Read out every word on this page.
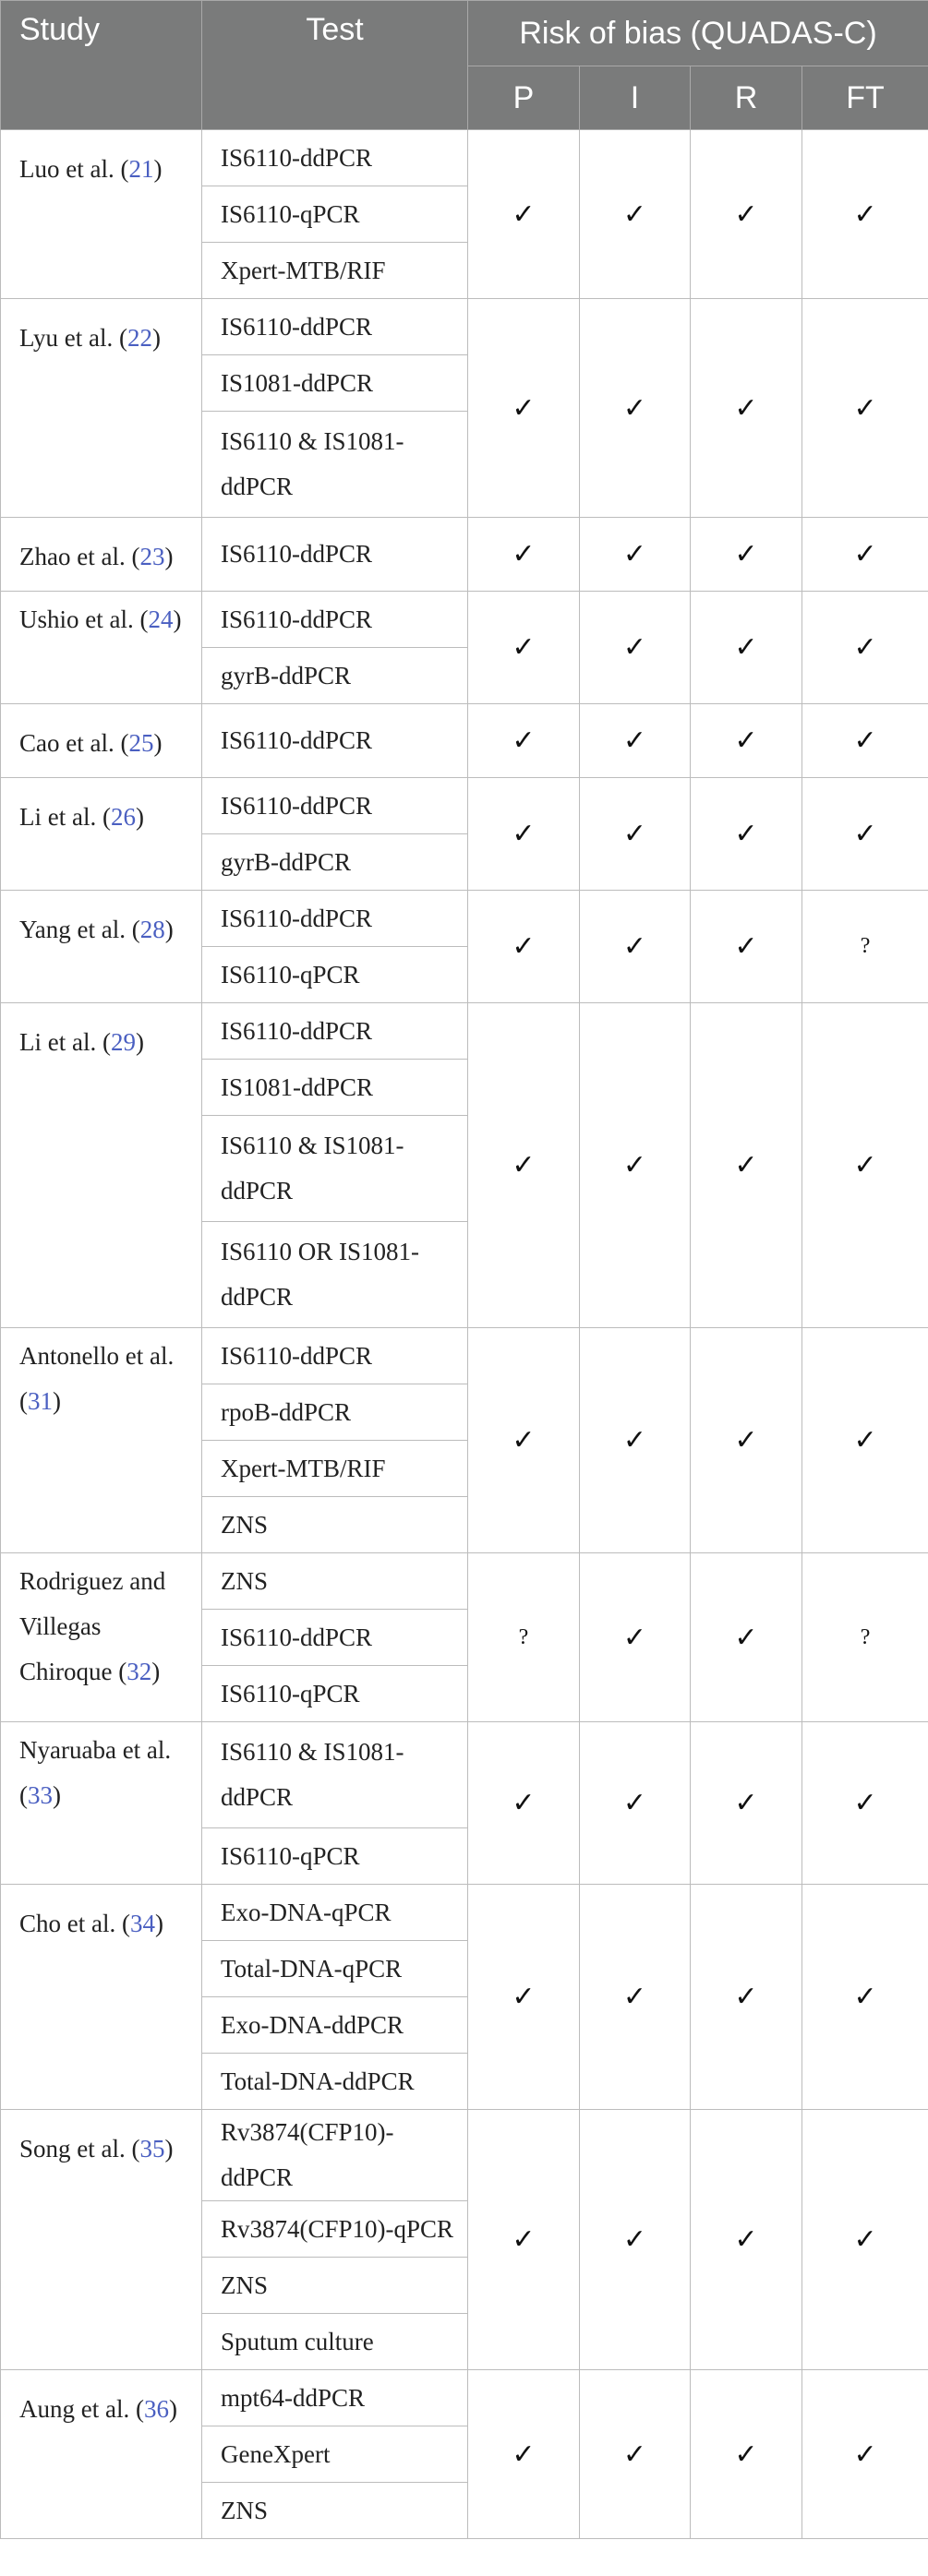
Study	Test	Risk of bias (QUADAS-C)			
		P	I	R	FT
Luo et al. (21)	IS6110-ddPCR	✓	✓	✓	✓
	IS6110-qPCR				
	Xpert-MTB/RIF				
Lyu et al. (22)	IS6110-ddPCR	✓	✓	✓	✓
	IS1081-ddPCR				
	IS6110 & IS1081-ddPCR				
Zhao et al. (23)	IS6110-ddPCR	✓	✓	✓	✓
Ushio et al. (24)	IS6110-ddPCR	✓	✓	✓	✓
	gyrB-ddPCR				
Cao et al. (25)	IS6110-ddPCR	✓	✓	✓	✓
Li et al. (26)	IS6110-ddPCR	✓	✓	✓	✓
	gyrB-ddPCR				
Yang et al. (28)	IS6110-ddPCR	✓	✓	✓	?
	IS6110-qPCR				
Li et al. (29)	IS6110-ddPCR	✓	✓	✓	✓
	IS1081-ddPCR				
	IS6110 & IS1081-ddPCR				
	IS6110 OR IS1081-ddPCR				
Antonello et al. (31)	IS6110-ddPCR	✓	✓	✓	✓
	rpoB-ddPCR				
	Xpert-MTB/RIF				
	ZNS				
Rodriguez and Villegas Chiroque (32)	ZNS	?	✓	✓	?
	IS6110-ddPCR				
	IS6110-qPCR				
Nyaruaba et al. (33)	IS6110 & IS1081-ddPCR	✓	✓	✓	✓
	IS6110-qPCR				
Cho et al. (34)	Exo-DNA-qPCR	✓	✓	✓	✓
	Total-DNA-qPCR				
	Exo-DNA-ddPCR				
	Total-DNA-ddPCR				
Song et al. (35)	Rv3874(CFP10)-ddPCR	✓	✓	✓	✓
	Rv3874(CFP10)-qPCR				
	ZNS				
	Sputum culture				
Aung et al. (36)	mpt64-ddPCR	✓	✓	✓	✓
	GeneXpert				
	ZNS				
